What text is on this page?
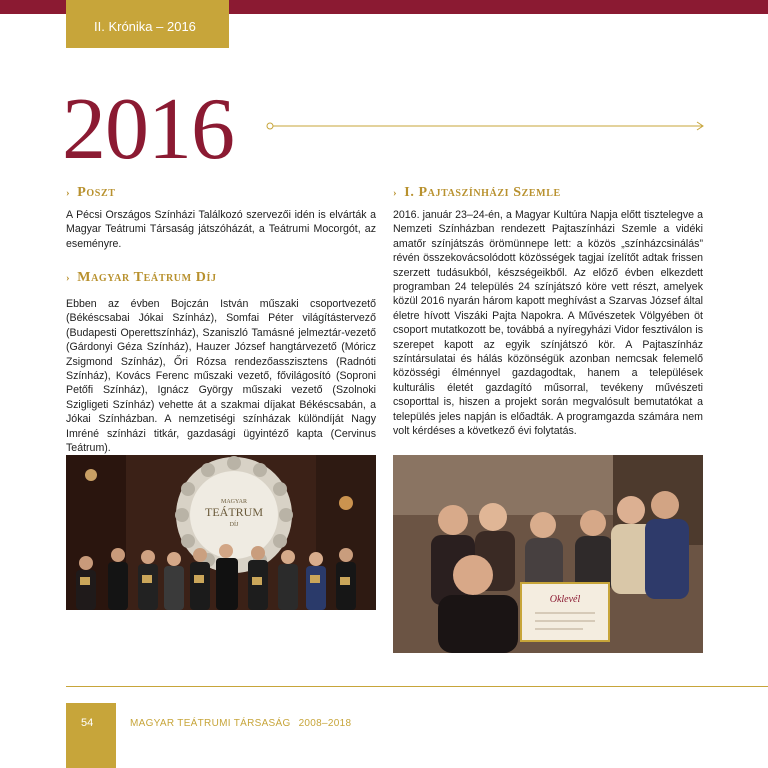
II. Krónika – 2016
2016
› Poszt
A Pécsi Országos Színházi Találkozó szervezői idén is elvárták a Magyar Teátrumi Társaság játszóházát, a Teátrumi Mocorgót, az eseményre.
› Magyar Teátrum Díj
Ebben az évben Bojczán István műszaki csoportvezető (Békéscsabai Jókai Színház), Somfai Péter világítástervező (Budapesti Operettszínház), Szaniszló Tamásné jelmeztár-vezető (Gárdonyi Géza Színház), Hauzer József hangtárvezető (Móricz Zsigmond Színház), Őri Rózsa rendezőasszisztens (Radnóti Színház), Kovács Ferenc műszaki vezető, fővilágosító (Soproni Petőfi Színház), Ignácz György műszaki vezető (Szolnoki Szigligeti Színház) vehette át a szakmai díjakat Békéscsabán, a Jókai Színházban. A nemzetiségi színházak különdíját Nagy Imréné színházi titkár, gazdasági ügyintéző kapta (Cervinus Teátrum).
› I. Pajtaszínházi Szemle
2016. január 23–24-én, a Magyar Kultúra Napja előtt tisztelegve a Nemzeti Színházban rendezett Pajtaszínházi Szemle a vidéki amatőr színjátszás örömünnepe lett: a közös „színházcsinálás” révén összekovácsolódott közösségek tagjai ízelítőt adtak frissen szerzett tudásukból, készségeikből. Az előző évben elkezdett programban 24 település 24 színjátszó köre vett részt, amelyek közül 2016 nyarán három kapott meghívást a Szarvas József által életre hívott Viszáki Pajta Napokra. A Művészetek Völgyében öt csoport mutatkozott be, továbbá a nyíregyházi Vidor fesztiválon is szerepet kapott az egyik színjátszó kör. A Pajtaszínház színtársulatai és hálás közönségük azonban nemcsak felemelő közösségi élménnyel gazdagodtak, hanem a települések kulturális életét gazdagító műsorral, tevékeny művészeti csoporttal is, hiszen a projekt során megvalósult bemutatókat a település jeles napján is előadták. A programgazda számára nem volt kérdéses a következő évi folytatás.
MAGYAR
TEÁTRUM
DÍJ
Oklevél
54	MAGYAR TEÁTRUMI TÁRSASÁG 2008–2018
